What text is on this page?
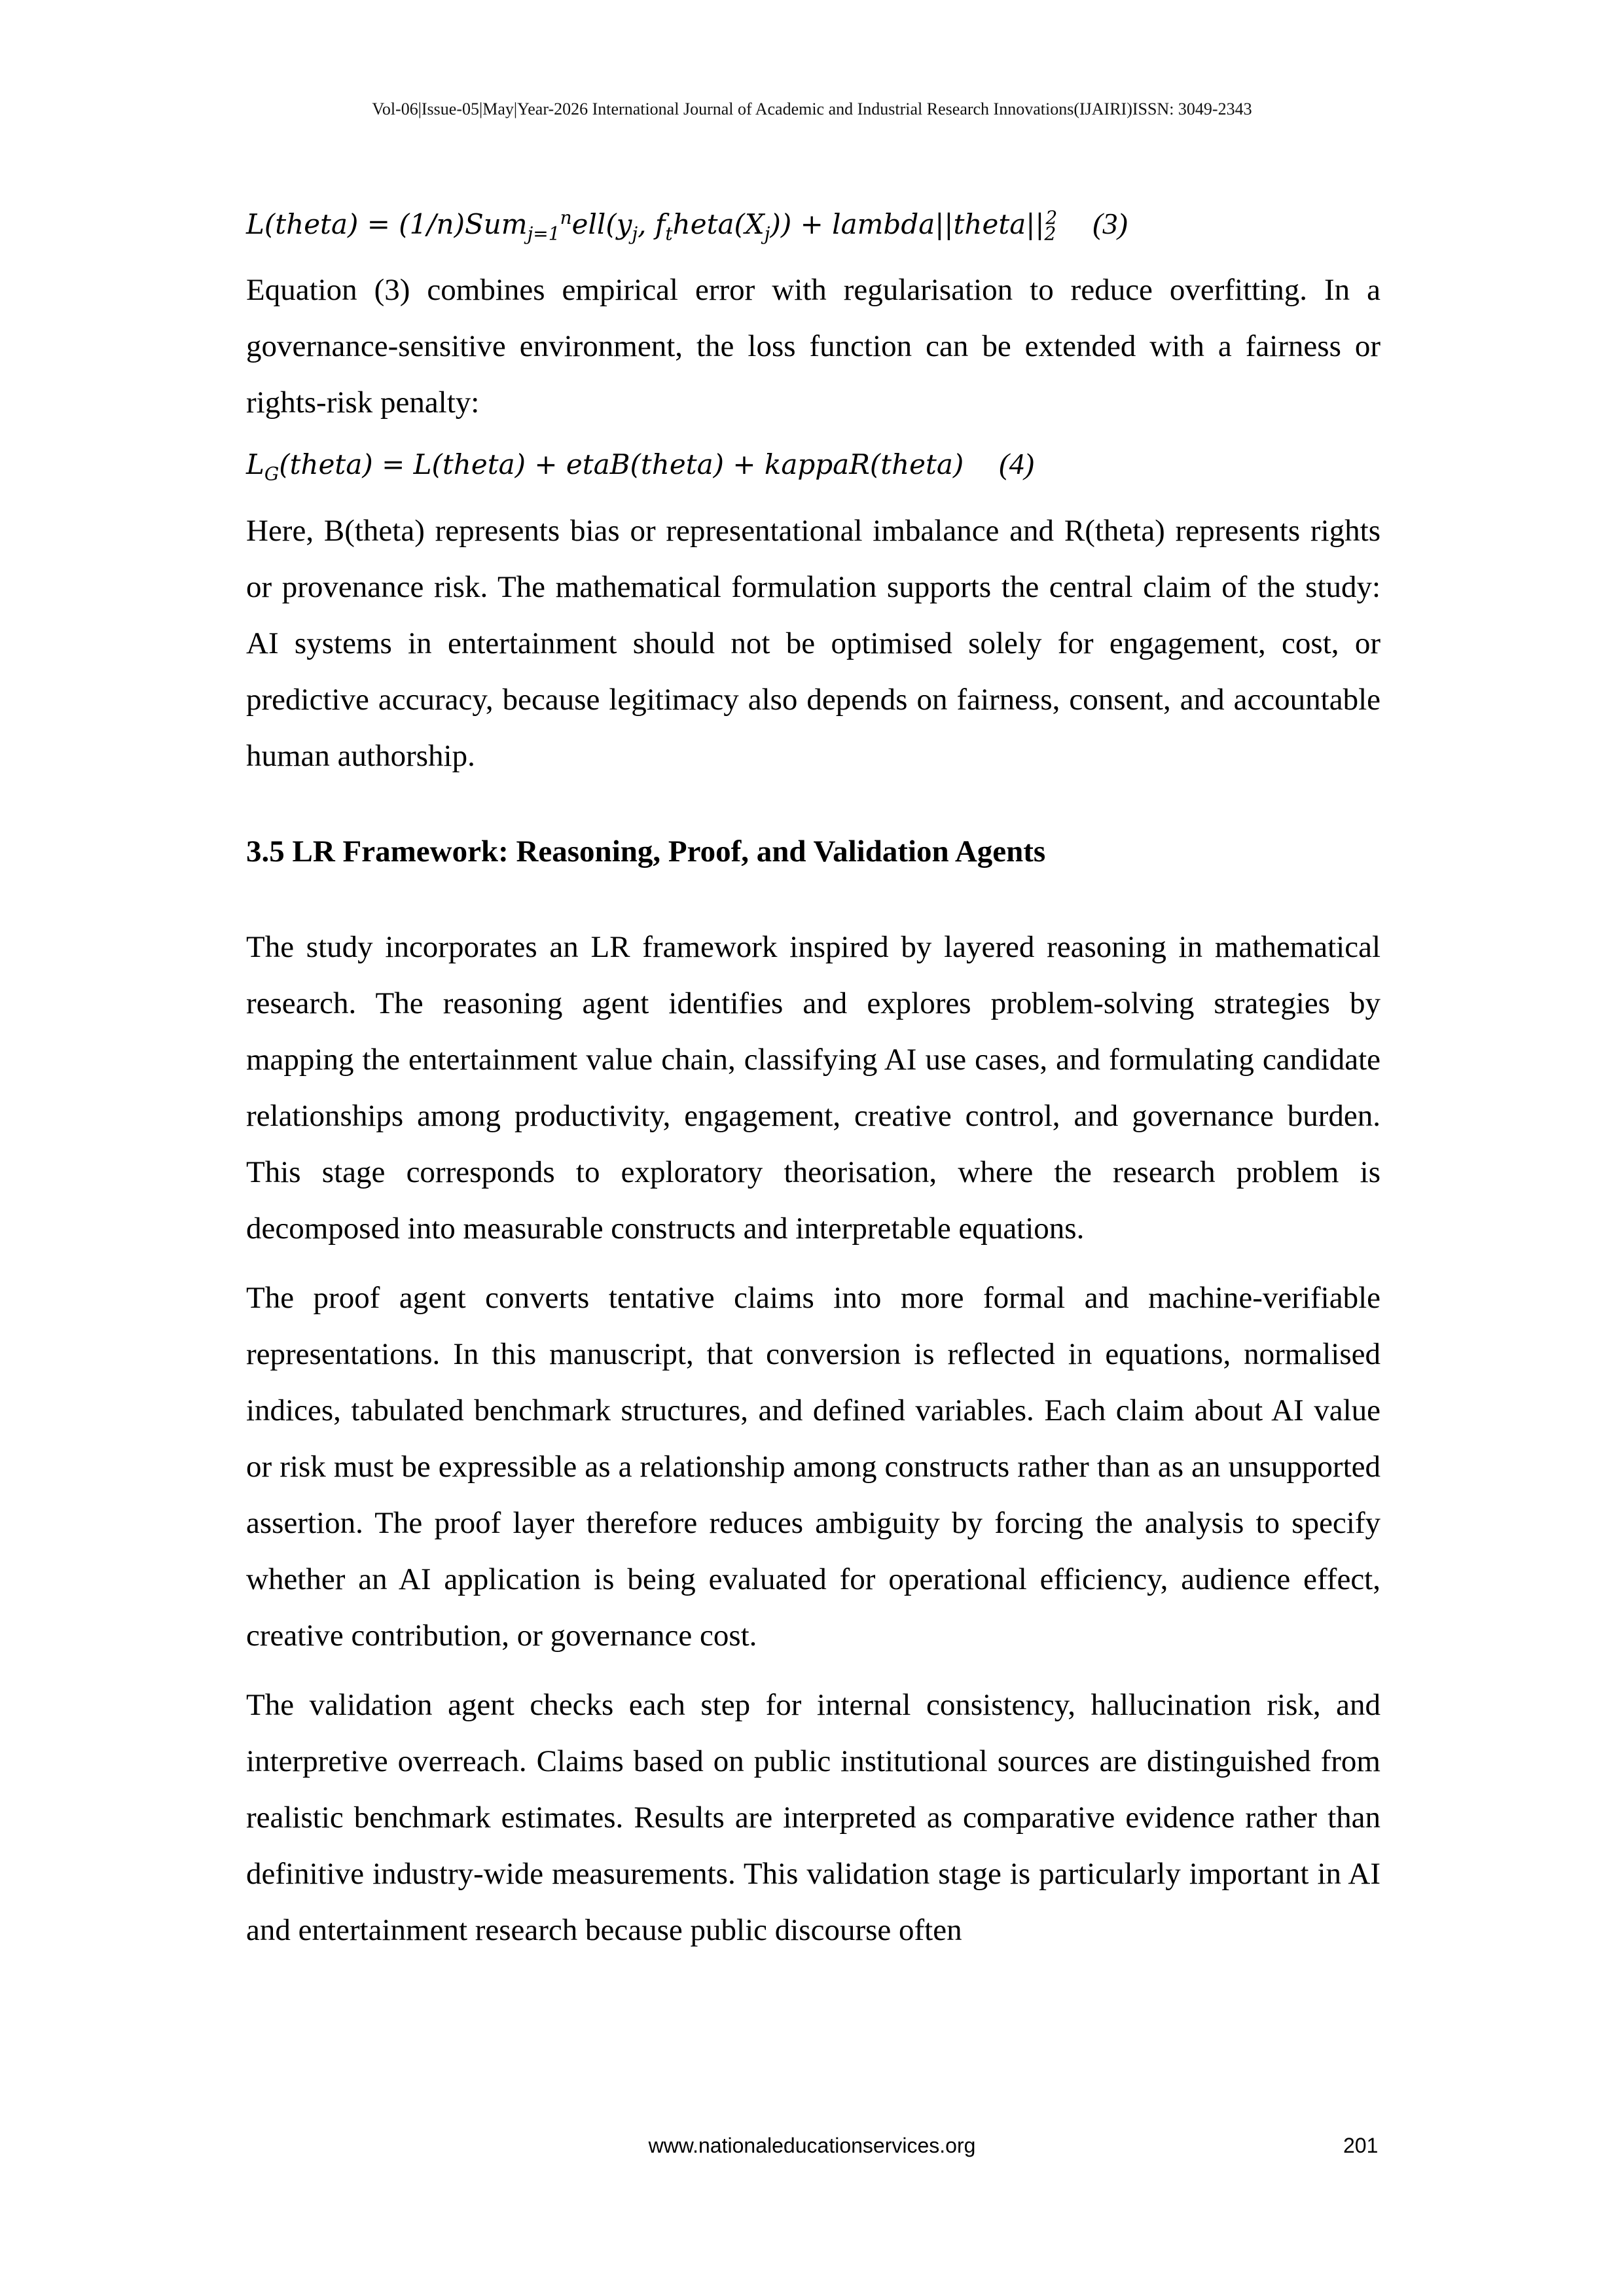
Vol-06|Issue-05|May|Year-2026 International Journal of Academic and Industrial Research Innovations(IJAIRI)ISSN: 3049-2343
L(theta) = $(1/n)Sum_{j=1}^nell(y_j$, $f_theta(X_j)$) + $lambda||theta||_2^2$ (3)

Equation (3) combines empirical error with regularisation to reduce overfitting. In a governance-sensitive environment, the loss function can be extended with a fairness or rights-risk penalty:

$L_G(theta)$ = L(theta) + etaB(theta) + kappaR(theta) (4)

Here, B(theta) represents bias or representational imbalance and R(theta) represents rights or provenance risk. The mathematical formulation supports the central claim of the study: AI systems in entertainment should not be optimised solely for engagement, cost, or predictive accuracy, because legitimacy also depends on fairness, consent, and accountable human authorship.

3.5 LR Framework: Reasoning, Proof, and Validation Agents

The study incorporates an LR framework inspired by layered reasoning in mathematical research. The reasoning agent identifies and explores problem-solving strategies by mapping the entertainment value chain, classifying AI use cases, and formulating candidate relationships among productivity, engagement, creative control, and governance burden. This stage corresponds to exploratory theorisation, where the research problem is decomposed into measurable constructs and interpretable equations.

The proof agent converts tentative claims into more formal and machine-verifiable representations. In this manuscript, that conversion is reflected in equations, normalised indices, tabulated benchmark structures, and defined variables. Each claim about AI value or risk must be expressible as a relationship among constructs rather than as an unsupported assertion. The proof layer therefore reduces ambiguity by forcing the analysis to specify whether an AI application is being evaluated for operational efficiency, audience effect, creative contribution, or governance cost.

The validation agent checks each step for internal consistency, hallucination risk, and interpretive overreach. Claims based on public institutional sources are distinguished from realistic benchmark estimates. Results are interpreted as comparative evidence rather than definitive industry-wide measurements. This validation stage is particularly important in AI and entertainment research because public discourse often

www.nationaleducationservices.org	201
